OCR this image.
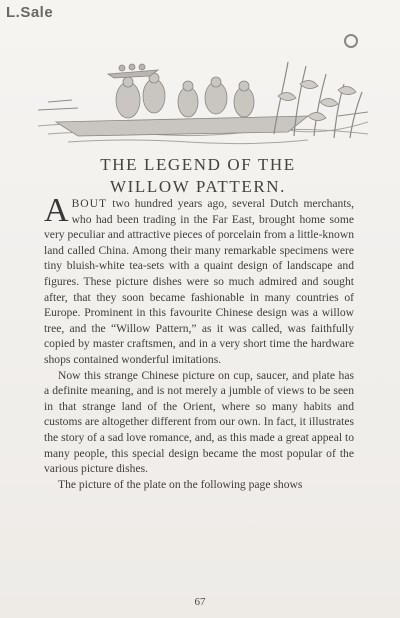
L.Sale
THE LEGEND OF THE
WILLOW PATTERN.

ABOUT two hundred years ago, several Dutch merchants, who had been trading in the Far East, brought home some very peculiar and attractive pieces of porcelain from a little-known land called China. Among their many remarkable specimens were tiny bluish-white tea-sets with a quaint design of landscape and figures. These picture dishes were so much admired and sought after, that they soon became fashionable in many countries of Europe. Prominent in this favourite Chinese design was a willow tree, and the “Willow Pattern,” as it was called, was faithfully copied by master craftsmen, and in a very short time the hardware shops contained wonderful imitations.

Now this strange Chinese picture on cup, saucer, and plate has a definite meaning, and is not merely a jumble of views to be seen in that strange land of the Orient, where so many habits and customs are altogether different from our own. In fact, it illustrates the story of a sad love romance, and, as this made a great appeal to many people, this special design became the most popular of the various picture dishes.

The picture of the plate on the following page shows

67
